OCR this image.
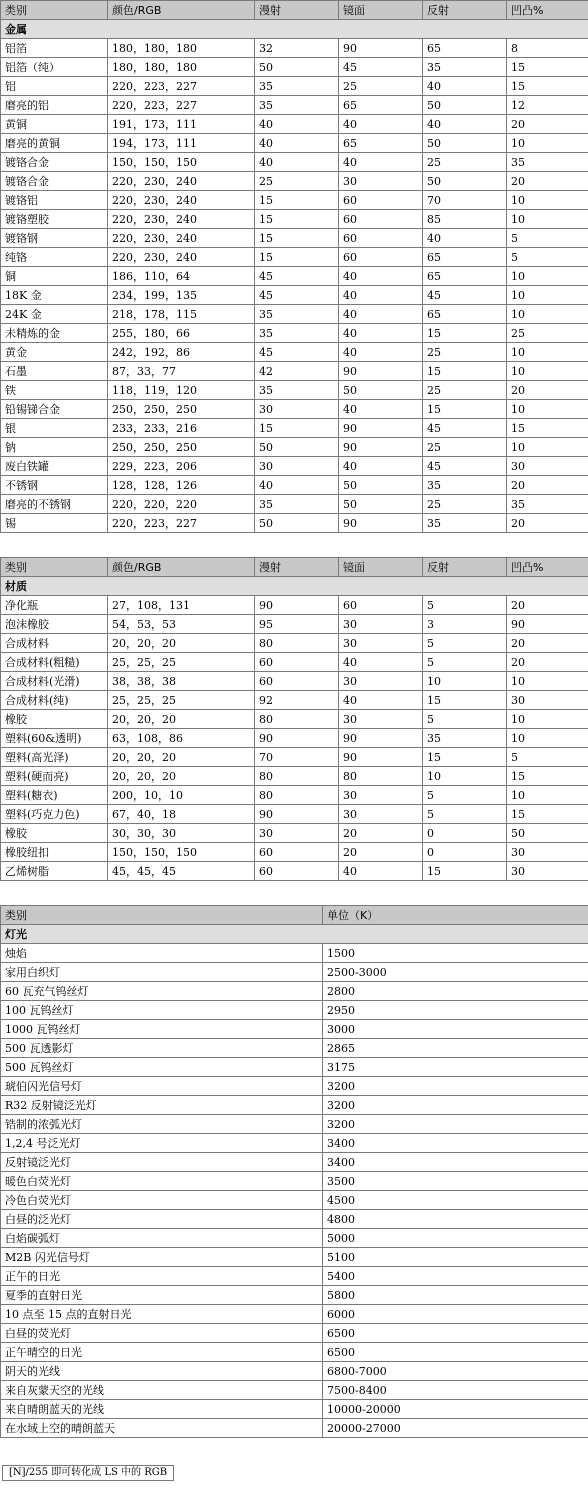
类别	颜色/RGB	漫射	镜面	反射	凹凸%
金属					
铝箔	180，180，180	32	90	65	8
铝箔（纯）	180，180，180	50	45	35	15
铝	220，223，227	35	25	40	15
磨亮的铝	220，223，227	35	65	50	12
黄铜	191，173，111	40	40	40	20
磨亮的黄铜	194，173，111	40	65	50	10
镀铬合金	150，150，150	40	40	25	35
镀铬合金	220，230，240	25	30	50	20
镀铬铝	220，230，240	15	60	70	10
镀铬塑胶	220，230，240	15	60	85	10
镀铬钢	220，230，240	15	60	40	5
纯铬	220，230，240	15	60	65	5
铜	186，110，64	45	40	65	10
18K 金	234，199，135	45	40	45	10
24K 金	218，178，115	35	40	65	10
未精炼的金	255，180，66	35	40	15	25
黄金	242，192，86	45	40	25	10
石墨	87，33，77	42	90	15	10
铁	118，119，120	35	50	25	20
铅锡锑合金	250，250，250	30	40	15	10
银	233，233，216	15	90	45	15
钠	250，250，250	50	90	25	10
废白铁罐	229，223，206	30	40	45	30
不锈钢	128，128，126	40	50	35	20
磨亮的不锈钢	220，220，220	35	50	25	35
锡	220，223，227	50	90	35	20
类别	颜色/RGB	漫射	镜面	反射	凹凸%
材质					
净化瓶	27，108，131	90	60	5	20
泡沫橡胶	54，53，53	95	30	3	90
合成材料	20，20，20	80	30	5	20
合成材料(粗糙)	25，25，25	60	40	5	20
合成材料(光滑)	38，38，38	60	30	10	10
合成材料(纯)	25，25，25	92	40	15	30
橡胶	20，20，20	80	30	5	10
塑料(60&透明)	63，108，86	90	90	35	10
塑料(高光泽)	20，20，20	70	90	15	5
塑料(硬而亮)	20，20，20	80	80	10	15
塑料(糖衣)	200，10，10	80	30	5	10
塑料(巧克力色)	67，40，18	90	30	5	15
橡胶	30，30，30	30	20	0	50
橡胶纽扣	150，150，150	60	20	0	30
乙烯树脂	45，45，45	60	40	15	30
类别	单位（K）
灯光	
烛焰	1500
家用白织灯	2500-3000
60 瓦充气钨丝灯	2800
100 瓦钨丝灯	2950
1000 瓦钨丝灯	3000
500 瓦透影灯	2865
500 瓦钨丝灯	3175
琥伯闪光信号灯	3200
R32 反射镜泛光灯	3200
锆制的浓弧光灯	3200
1,2,4 号泛光灯	3400
反射镜泛光灯	3400
暖色白荧光灯	3500
冷色白荧光灯	4500
白昼的泛光灯	4800
白焰碳弧灯	5000
M2B 闪光信号灯	5100
正午的日光	5400
夏季的直射日光	5800
10 点至 15 点的直射日光	6000
白昼的荧光灯	6500
正午晴空的日光	6500
阴天的光线	6800-7000
来自灰蒙天空的光线	7500-8400
来自晴朗蓝天的光线	10000-20000
在水域上空的晴朗蓝天	20000-27000
[N]/255 即可转化成 LS 中的 RGB
